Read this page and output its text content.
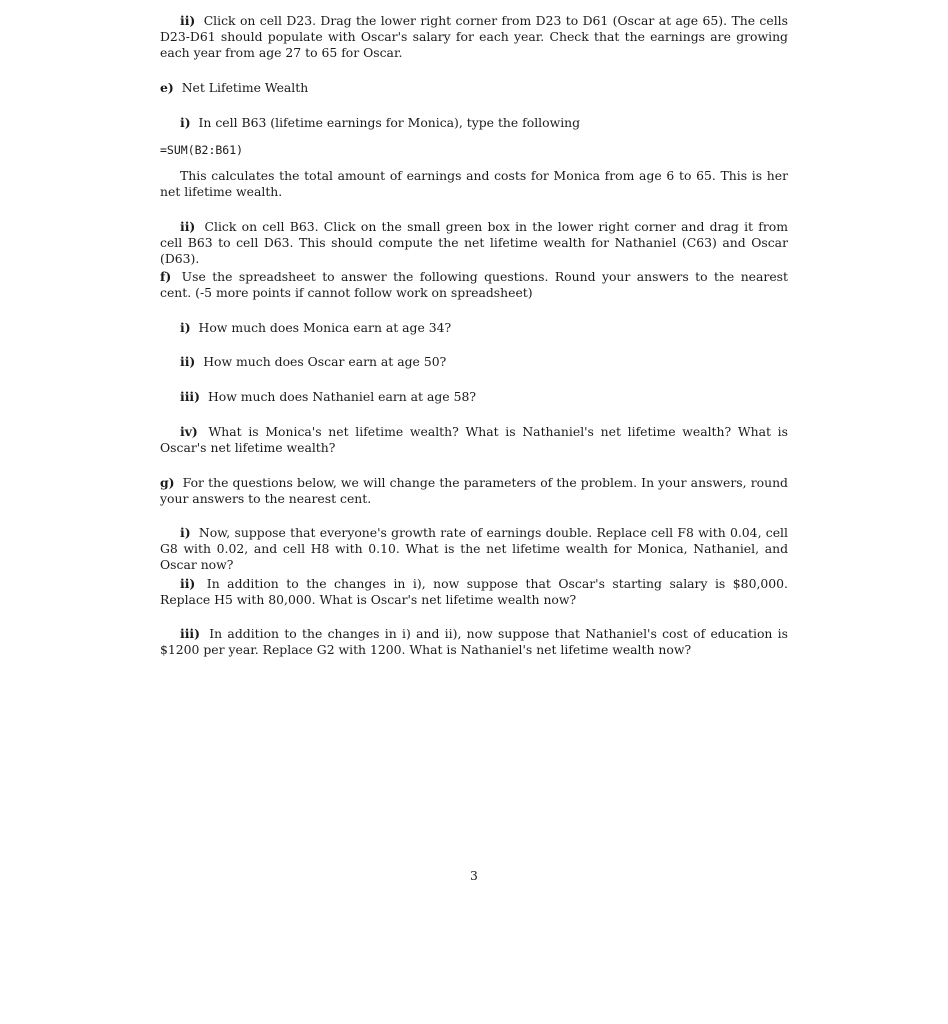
ii) Click on cell D23. Drag the lower right corner from D23 to D61 (Oscar at age 65). The cells D23-D61 should populate with Oscar's salary for each year. Check that the earnings are growing each year from age 27 to 65 for Oscar.

e) Net Lifetime Wealth

i) In cell B63 (lifetime earnings for Monica), type the following

=SUM(B2:B61)

This calculates the total amount of earnings and costs for Monica from age 6 to 65. This is her net lifetime wealth.

ii) Click on cell B63. Click on the small green box in the lower right corner and drag it from cell B63 to cell D63. This should compute the net lifetime wealth for Nathaniel (C63) and Oscar (D63).

f) Use the spreadsheet to answer the following questions. Round your answers to the nearest cent. (-5 more points if cannot follow work on spreadsheet)

i) How much does Monica earn at age 34?

ii) How much does Oscar earn at age 50?

iii) How much does Nathaniel earn at age 58?

iv) What is Monica's net lifetime wealth? What is Nathaniel's net lifetime wealth? What is Oscar's net lifetime wealth?

g) For the questions below, we will change the parameters of the problem. In your answers, round your answers to the nearest cent.

i) Now, suppose that everyone's growth rate of earnings double. Replace cell F8 with 0.04, cell G8 with 0.02, and cell H8 with 0.10. What is the net lifetime wealth for Monica, Nathaniel, and Oscar now?

ii) In addition to the changes in i), now suppose that Oscar's starting salary is $80,000. Replace H5 with 80,000. What is Oscar's net lifetime wealth now?

iii) In addition to the changes in i) and ii), now suppose that Nathaniel's cost of education is $1200 per year. Replace G2 with 1200. What is Nathaniel's net lifetime wealth now?

3
